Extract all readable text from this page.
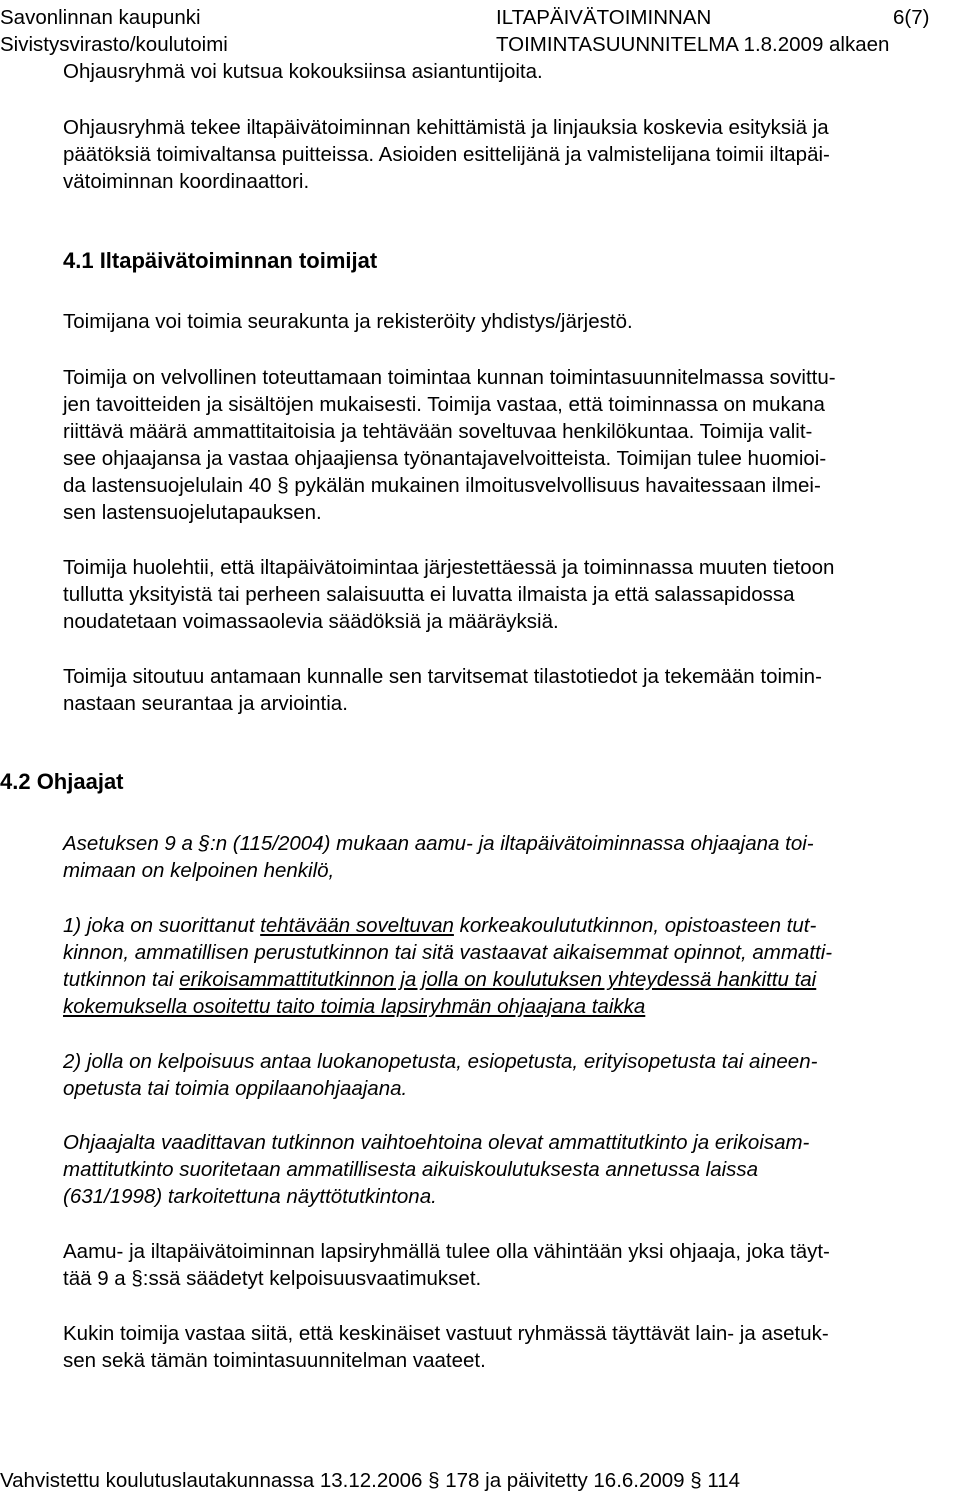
Savonlinnan kaupunki	ILTAPÄIVÄTOIMINNAN	6(7)
Sivistysvirasto/koulutoimi	TOIMINTASUUNNITELMA 1.8.2009 alkaen
Ohjausryhmä voi kutsua kokouksiinsa asiantuntijoita.
Ohjausryhmä tekee iltapäivätoiminnan kehittämistä ja linjauksia koskevia esityksiä ja
päätöksiä toimivaltansa puitteissa. Asioiden esittelijänä ja valmistelijana toimii iltapäi-
vätoiminnan koordinaattori.
4.1 Iltapäivätoiminnan toimijat
Toimijana voi toimia seurakunta ja rekisteröity yhdistys/järjestö.
Toimija on velvollinen toteuttamaan toimintaa kunnan toimintasuunnitelmassa sovittu-
jen tavoitteiden ja sisältöjen mukaisesti. Toimija vastaa, että toiminnassa on mukana
riittävä määrä ammattitaitoisia ja tehtävään soveltuvaa henkilökuntaa. Toimija valit-
see ohjaajansa ja vastaa ohjaajiensa työnantajavelvoitteista. Toimijan tulee huomioi-
da lastensuojelulain 40 § pykälän mukainen ilmoitusvelvollisuus havaitessaan ilmei-
sen lastensuojelutapauksen.
Toimija huolehtii, että iltapäivätoimintaa järjestettäessä ja toiminnassa muuten tietoon
tullutta yksityistä tai perheen salaisuutta ei luvatta ilmaista ja että salassapidossa
noudatetaan voimassaolevia säädöksiä ja määräyksiä.
Toimija sitoutuu antamaan kunnalle sen tarvitsemat tilastotiedot ja tekemään toimin-
nastaan seurantaa ja arviointia.
4.2 Ohjaajat
Asetuksen 9 a §:n (115/2004) mukaan aamu- ja iltapäivätoiminnassa ohjaajana toi-
mimaan on kelpoinen henkilö,
1) joka on suorittanut tehtävään soveltuvan korkeakoulututkinnon, opistoasteen tut-
kinnon, ammatillisen perustutkinnon tai sitä vastaavat aikaisemmat opinnot, ammatti-
tutkinnon tai erikoisammattitutkinnon ja jolla on koulutuksen yhteydessä hankittu tai
kokemuksella osoitettu taito toimia lapsiryhmän ohjaajana taikka
2) jolla on kelpoisuus antaa luokanopetusta, esiopetusta, erityisopetusta tai aineen-
opetusta tai toimia oppilaanohjaajana.
Ohjaajalta vaadittavan tutkinnon vaihtoehtoina olevat ammattitutkinto ja erikoisam-
mattitutkinto suoritetaan ammatillisesta aikuiskoulutuksesta annetussa laissa
(631/1998) tarkoitettuna näyttötutkintona.
Aamu- ja iltapäivätoiminnan lapsiryhmällä tulee olla vähintään yksi ohjaaja, joka täyt-
tää 9 a §:ssä säädetyt kelpoisuusvaatimukset.
Kukin toimija vastaa siitä, että keskinäiset vastuut ryhmässä täyttävät lain- ja asetuk-
sen sekä tämän toimintasuunnitelman vaateet.
Vahvistettu koulutuslautakunnassa 13.12.2006 § 178 ja päivitetty 16.6.2009 § 114
